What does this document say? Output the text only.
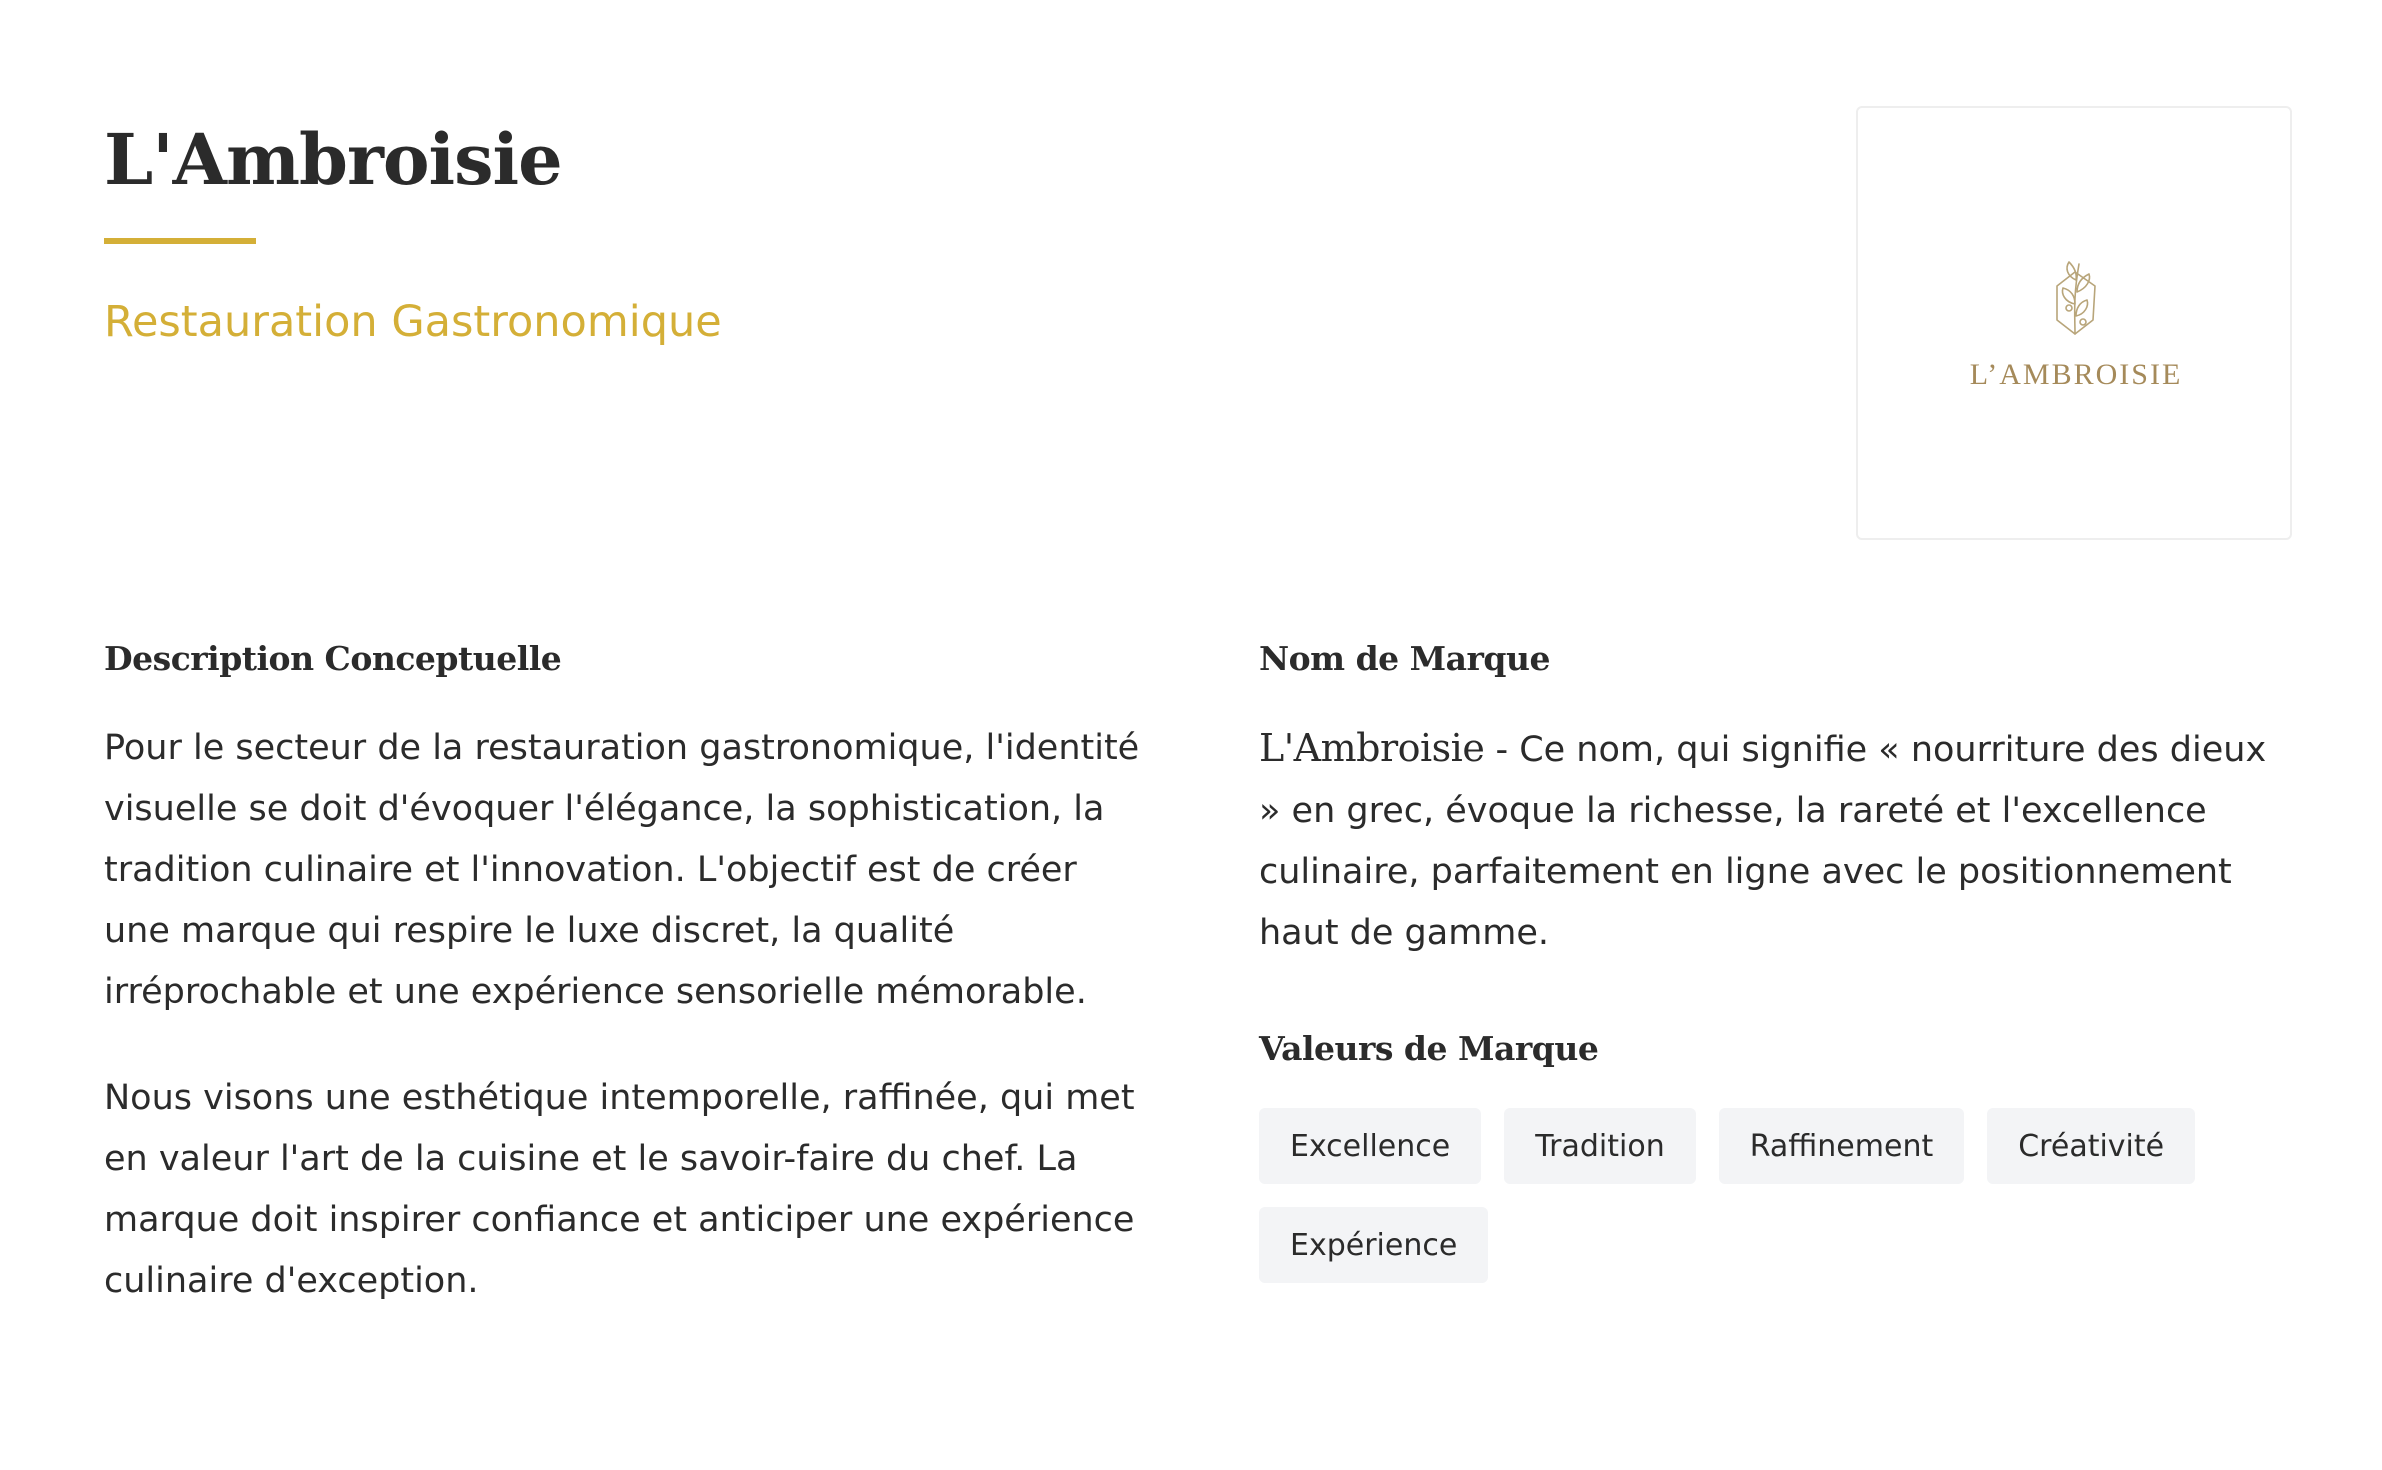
L'Ambroisie
Restauration Gastronomique
L’AMBROISIE
Description Conceptuelle

Pour le secteur de la restauration gastronomique, l'identité visuelle se doit d'évoquer l'élégance, la sophistication, la tradition culinaire et l'innovation. L'objectif est de créer une marque qui respire le luxe discret, la qualité irréprochable et une expérience sensorielle mémorable.

Nous visons une esthétique intemporelle, raffinée, qui met en valeur l'art de la cuisine et le savoir-faire du chef. La marque doit inspirer confiance et anticiper une expérience culinaire d'exception.

Nom de Marque

L'Ambroisie - Ce nom, qui signifie « nourriture des dieux » en grec, évoque la richesse, la rareté et l'excellence culinaire, parfaitement en ligne avec le positionnement haut de gamme.

Valeurs de Marque
Excellence	Tradition	Raffinement	Créativité
Expérience
